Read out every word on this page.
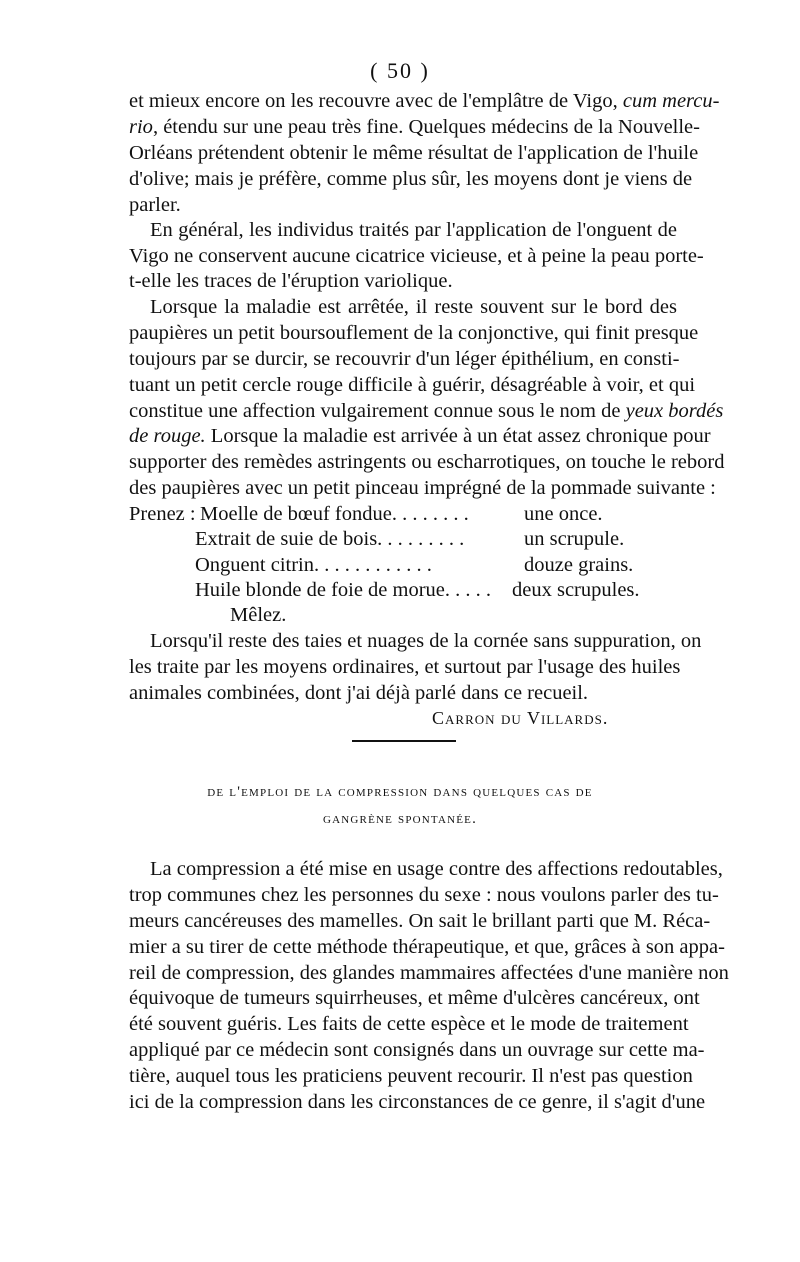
( 50 )
et mieux encore on les recouvre avec de l'emplâtre de Vigo, cum mercu-
rio, étendu sur une peau très fine. Quelques médecins de la Nouvelle-
Orléans prétendent obtenir le même résultat de l'application de l'huile
d'olive; mais je préfère, comme plus sûr, les moyens dont je viens de
parler.
En général, les individus traités par l'application de l'onguent de
Vigo ne conservent aucune cicatrice vicieuse, et à peine la peau porte-
t-elle les traces de l'éruption variolique.
Lorsque la maladie est arrêtée, il reste souvent sur le bord des
paupières un petit boursouflement de la conjonctive, qui finit presque
toujours par se durcir, se recouvrir d'un léger épithélium, en consti-
tuant un petit cercle rouge difficile à guérir, désagréable à voir, et qui
constitue une affection vulgairement connue sous le nom de yeux bordés
de rouge. Lorsque la maladie est arrivée à un état assez chronique pour
supporter des remèdes astringents ou escharrotiques, on touche le rebord
des paupières avec un petit pinceau imprégné de la pommade suivante :
Prenez : Moelle de bœuf fondue. . . . . . . .	une once.
Extrait de suie de bois. . . . . . . . .	un scrupule.
Onguent citrin. . . . . . . . . . . .	douze grains.
Huile blonde de foie de morue. . . . . deux scrupules.
Mêlez.
Lorsqu'il reste des taies et nuages de la cornée sans suppuration, on
les traite par les moyens ordinaires, et surtout par l'usage des huiles
animales combinées, dont j'ai déjà parlé dans ce recueil.
Carron du Villards.
de l'emploi de la compression dans quelques cas de
gangrène spontanée.
La compression a été mise en usage contre des affections redoutables,
trop communes chez les personnes du sexe : nous voulons parler des tu-
meurs cancéreuses des mamelles. On sait le brillant parti que M. Réca-
mier a su tirer de cette méthode thérapeutique, et que, grâces à son appa-
reil de compression, des glandes mammaires affectées d'une manière non
équivoque de tumeurs squirrheuses, et même d'ulcères cancéreux, ont
été souvent guéris. Les faits de cette espèce et le mode de traitement
appliqué par ce médecin sont consignés dans un ouvrage sur cette ma-
tière, auquel tous les praticiens peuvent recourir. Il n'est pas question
ici de la compression dans les circonstances de ce genre, il s'agit d'une
